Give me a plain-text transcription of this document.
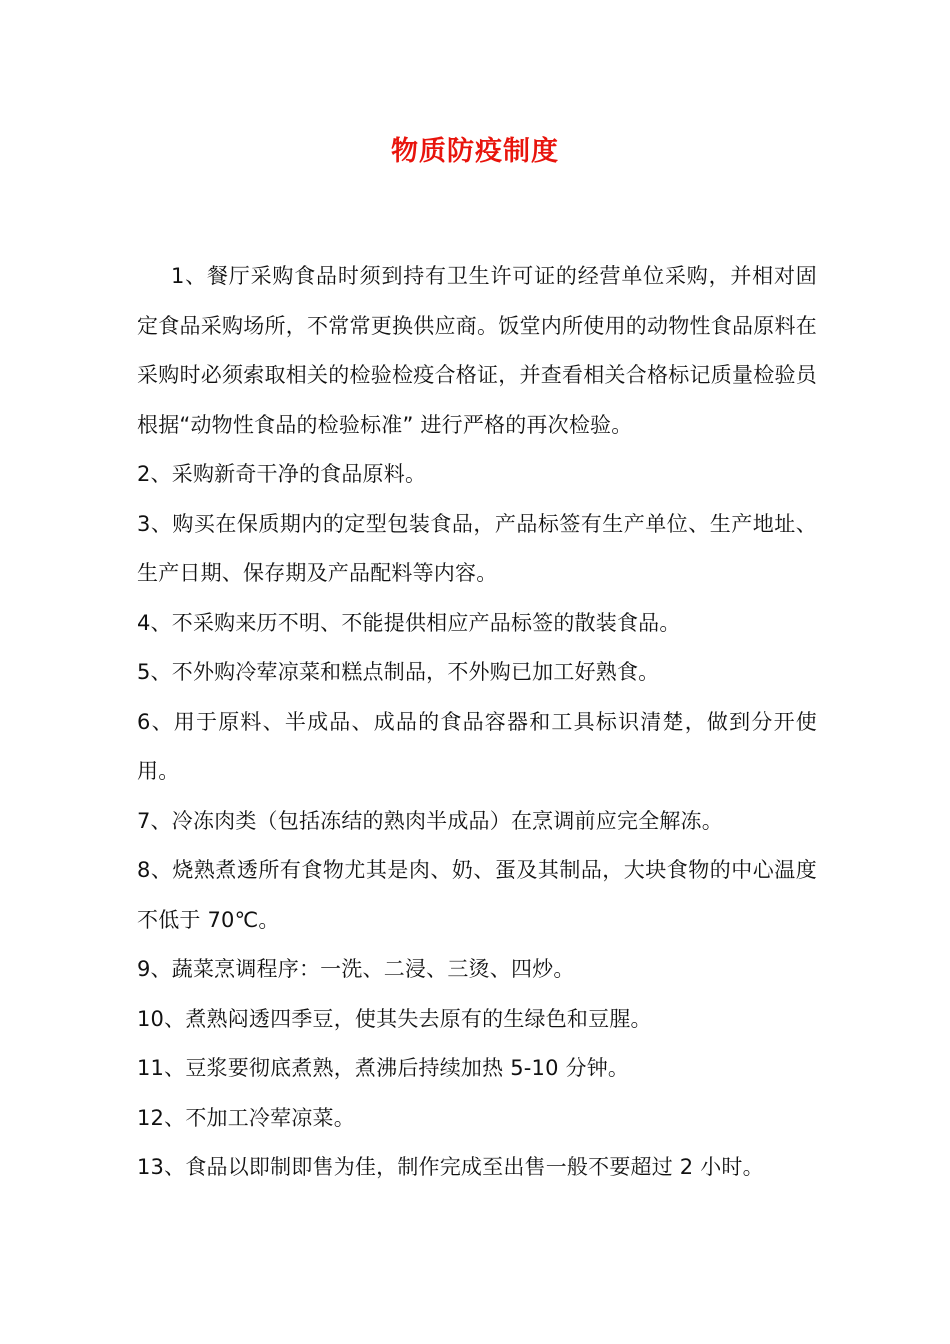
物质防疫制度

1、餐厅采购食品时须到持有卫生许可证的经营单位采购，并相对固定食品采购场所，不常常更换供应商。饭堂内所使用的动物性食品原料在采购时必须索取相关的检验检疫合格证，并查看相关合格标记质量检验员根据“动物性食品的检验标准” 进行严格的再次检验。

2、采购新奇干净的食品原料。

3、购买在保质期内的定型包装食品，产品标签有生产单位、生产地址、生产日期、保存期及产品配料等内容。

4、不采购来历不明、不能提供相应产品标签的散装食品。

5、不外购冷荤凉菜和糕点制品，不外购已加工好熟食。

6、用于原料、半成品、成品的食品容器和工具标识清楚，做到分开使用。

7、冷冻肉类（包括冻结的熟肉半成品）在烹调前应完全解冻。

8、烧熟煮透所有食物尤其是肉、奶、蛋及其制品，大块食物的中心温度不低于 70℃。

9、蔬菜烹调程序：一洗、二浸、三烫、四炒。

10、煮熟闷透四季豆，使其失去原有的生绿色和豆腥。

11、豆浆要彻底煮熟，煮沸后持续加热 5-10 分钟。

12、不加工冷荤凉菜。

13、食品以即制即售为佳，制作完成至出售一般不要超过 2 小时。
